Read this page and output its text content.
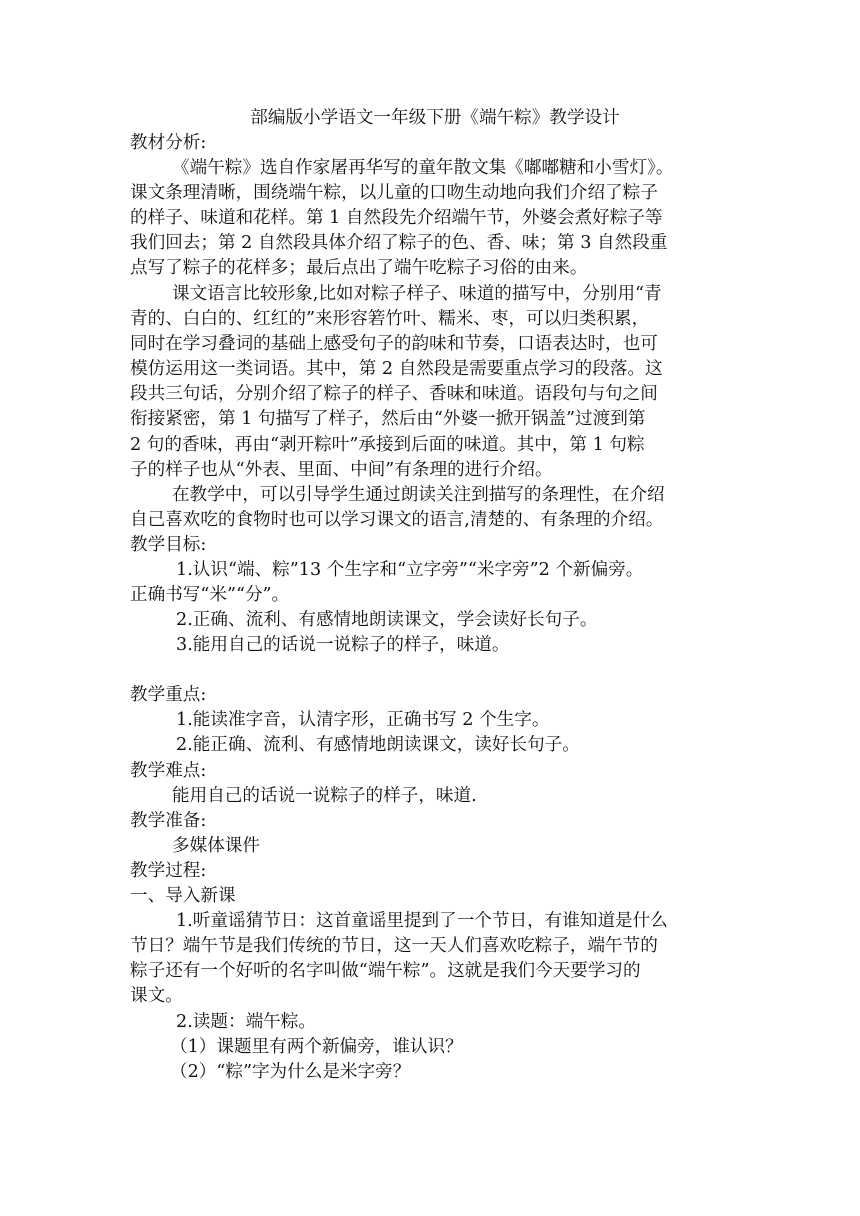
部编版小学语文一年级下册《端午粽》教学设计
教材分析:
《端午粽》选自作家屠再华写的童年散文集《嘟嘟糖和小雪灯》。
课文条理清晰，围绕端午粽，以儿童的口吻生动地向我们介绍了粽子
的样子、味道和花样。第 1 自然段先介绍端午节，外婆会煮好粽子等
我们回去；第 2 自然段具体介绍了粽子的色、香、味；第 3 自然段重
点写了粽子的花样多；最后点出了端午吃粽子习俗的由来。
课文语言比较形象,比如对粽子样子、味道的描写中，分别用“青
青的、白白的、红红的”来形容箬竹叶、糯米、枣，可以归类积累，
同时在学习叠词的基础上感受句子的韵味和节奏，口语表达时，也可
模仿运用这一类词语。其中，第 2 自然段是需要重点学习的段落。这
段共三句话，分别介绍了粽子的样子、香味和味道。语段句与句之间
衔接紧密，第 1 句描写了样子，然后由“外婆一掀开锅盖”过渡到第
2 句的香味，再由“剥开粽叶”承接到后面的味道。其中，第 1 句粽
子的样子也从“外表、里面、中间”有条理的进行介绍。
在教学中，可以引导学生通过朗读关注到描写的条理性，在介绍
自己喜欢吃的食物时也可以学习课文的语言,清楚的、有条理的介绍。
教学目标:
1.认识“端、粽”13 个生字和“立字旁”“米字旁”2 个新偏旁。
正确书写“米”“分”。
2.正确、流利、有感情地朗读课文，学会读好长句子。
3.能用自己的话说一说粽子的样子，味道。
教学重点:
1.能读准字音，认清字形，正确书写 2 个生字。
2.能正确、流利、有感情地朗读课文，读好长句子。
教学难点:
能用自己的话说一说粽子的样子，味道.
教学准备:
多媒体课件
教学过程:
一、导入新课
1.听童谣猜节日：这首童谣里提到了一个节日，有谁知道是什么
节日？端午节是我们传统的节日，这一天人们喜欢吃粽子，端午节的
粽子还有一个好听的名字叫做“端午粽”。这就是我们今天要学习的
课文。
2.读题：端午粽。
（1）课题里有两个新偏旁，谁认识？
（2）“粽”字为什么是米字旁？
